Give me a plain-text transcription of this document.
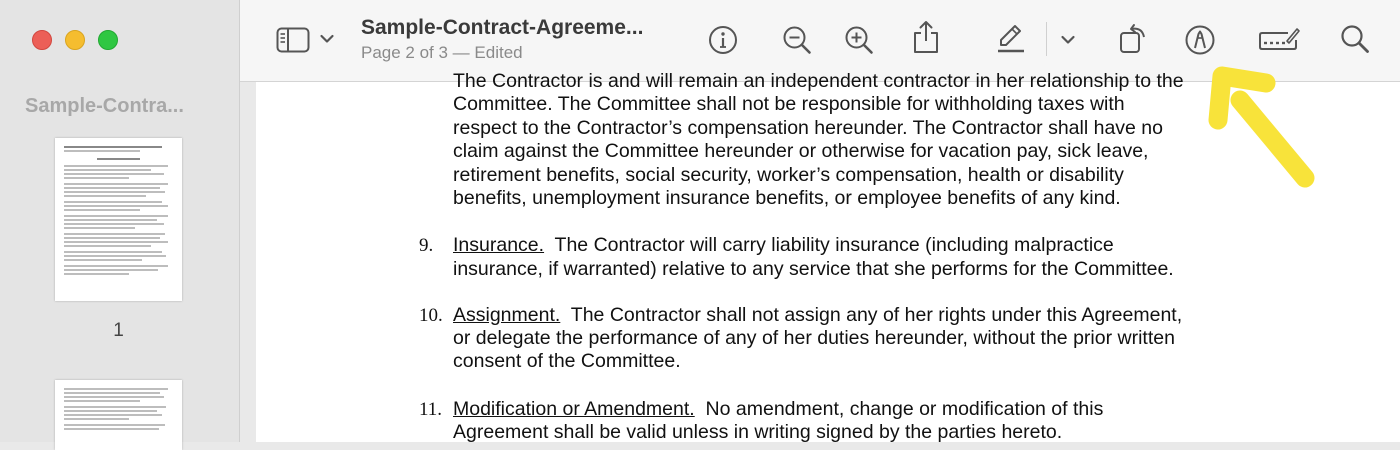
Sample-Contra...
1
Sample-Contract-Agreeme...
Page 2 of 3 — Edited
The Contractor is and will remain an independent contractor in her relationship to the
Committee. The Committee shall not be responsible for withholding taxes with
respect to the Contractor’s compensation hereunder. The Contractor shall have no
claim against the Committee hereunder or otherwise for vacation pay, sick leave,
retirement benefits, social security, worker’s compensation, health or disability
benefits, unemployment insurance benefits, or employee benefits of any kind.
9. Insurance.  The Contractor will carry liability insurance (including malpractice
insurance, if warranted) relative to any service that she performs for the Committee.
10. Assignment.  The Contractor shall not assign any of her rights under this Agreement,
or delegate the performance of any of her duties hereunder, without the prior written
consent of the Committee.
11. Modification or Amendment.  No amendment, change or modification of this
Agreement shall be valid unless in writing signed by the parties hereto.
